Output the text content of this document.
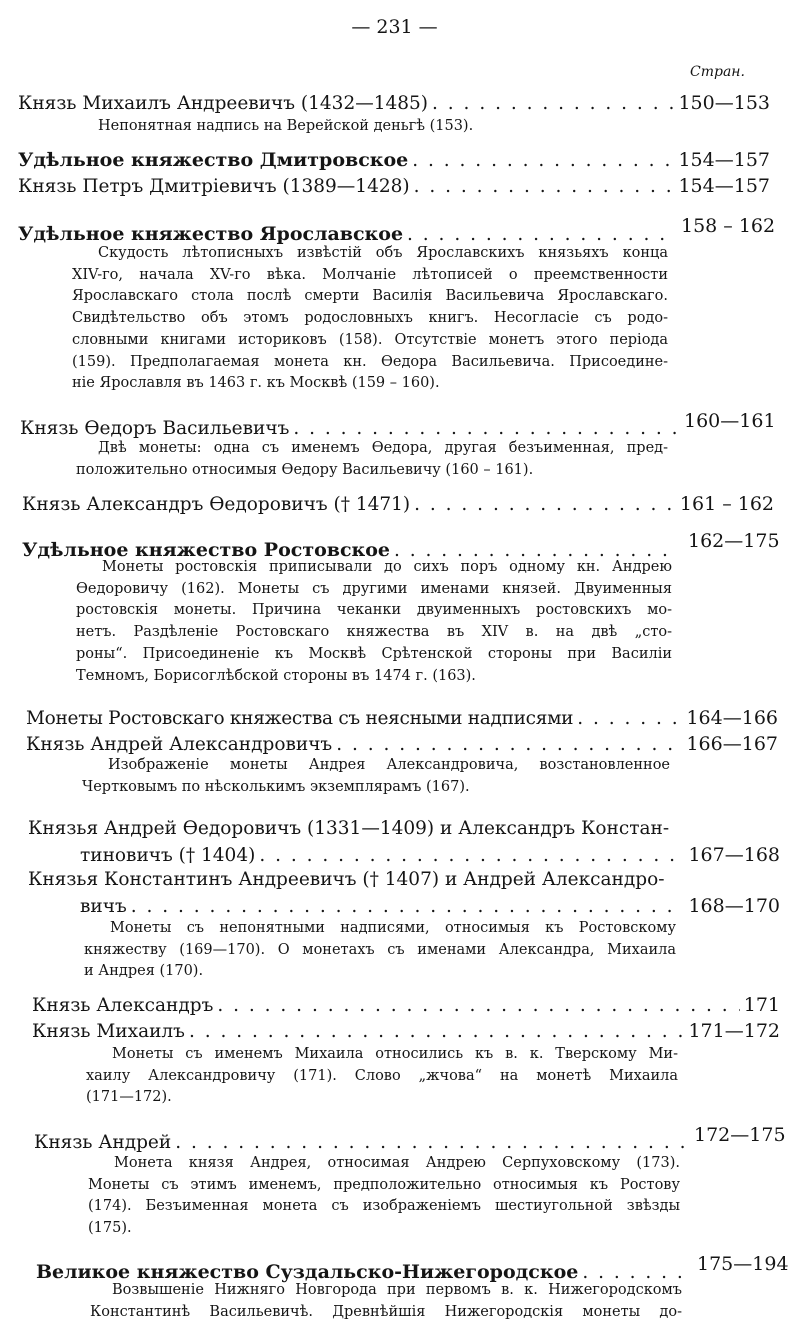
— 231 —
Стран.
Князь Михаилъ Андреевичъ (1432—1485) . . .	150—153
Непонятная надпись на Верейской деньгѣ (153).
Удѣльное княжество Дмитровское . . .	154—157
Князь Петръ Дмитріевичъ (1389—1428) . . .	154—157
Удѣльное княжество Ярославское . . .	158 – 162
Скудость лѣтописныхъ извѣстій объ Ярославскихъ князьяхъ конца
XIV-го, начала XV-го вѣка. Молчаніе лѣтописей о преемственности
Ярославскаго стола послѣ смерти Василія Васильевича Ярославскаго.
Свидѣтельство объ этомъ родословныхъ книгъ. Несогласіе съ родо-
словными книгами историковъ (158). Отсутствіе монетъ этого періода
(159). Предполагаемая монета кн. Ѳедора Васильевича. Присоедине-
ніе Ярославля въ 1463 г. къ Москвѣ (159 – 160).
Князь Ѳедоръ Васильевичъ . . .	160—161
Двѣ монеты: одна съ именемъ Ѳедора, другая безъименная, пред-
положительно относимыя Ѳедору Васильевичу (160 – 161).
Князь Александръ Ѳедоровичъ († 1471) . . .	161 – 162
Удѣльное княжество Ростовское . . .	162—175
Монеты ростовскія приписывали до сихъ поръ одному кн. Андрею
Ѳедоровичу (162). Монеты съ другими именами князей. Двуименныя
ростовскія монеты. Причина чеканки двуименныхъ ростовскихъ мо-
нетъ. Раздѣленіе Ростовскаго княжества въ XIV в. на двѣ „сто-
роны“. Присоединеніе къ Москвѣ Срѣтенской стороны при Василіи
Темномъ, Борисоглѣбской стороны въ 1474 г. (163).
Монеты Ростовскаго княжества съ неясными надписями . . .	164—166
Князь Андрей Александровичъ . . .	166—167
Изображеніе монеты Андрея Александровича, возстановленное
Чертковымъ по нѣсколькимъ экземплярамъ (167).
Князья Андрей Ѳедоровичъ (1331—1409) и Александръ Констан-
тиновичъ († 1404) . . .	167—168
Князья Константинъ Андреевичъ († 1407) и Андрей Александро-
вичъ . . .	168—170
Монеты съ непонятными надписями, относимыя къ Ростовскому
княжеству (169—170). О монетахъ съ именами Александра, Михаила
и Андрея (170).
Князь Александръ . . .	171
Князь Михаилъ . . .	171—172
Монеты съ именемъ Михаила относились къ в. к. Тверскому Ми-
хаилу Александровичу (171). Слово „жчова“ на монетѣ Михаила
(171—172).
Князь Андрей . . .	172—175
Монета князя Андрея, относимая Андрею Серпуховскому (173).
Монеты съ этимъ именемъ, предположительно относимыя къ Ростову
(174). Безъименная монета съ изображеніемъ шестиугольной звѣзды
(175).
Великое княжество Суздальско-Нижегородское . . .	175—194
Возвышеніе Нижняго Новгорода при первомъ в. к. Нижегородскомъ
Константинѣ Васильевичѣ. Древнѣйшія Нижегородскія монеты до-
